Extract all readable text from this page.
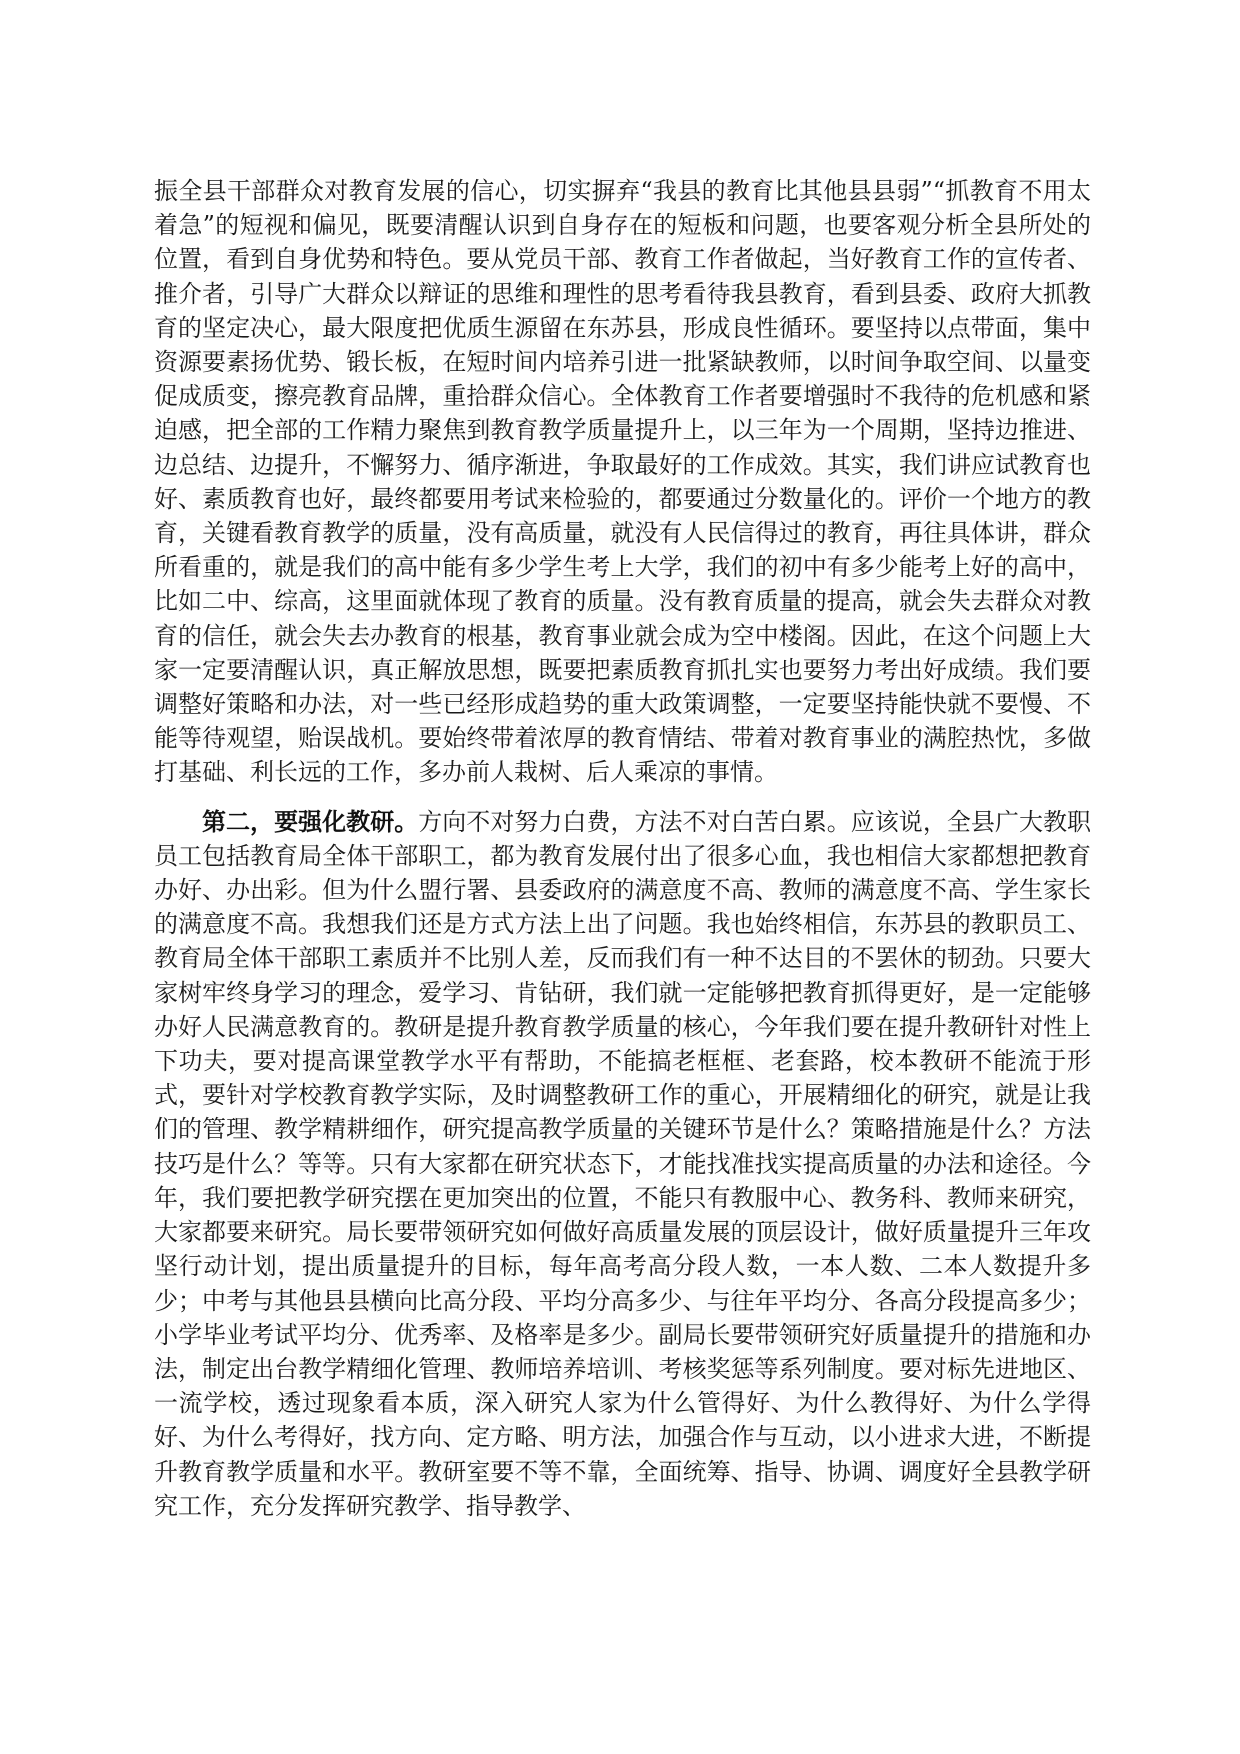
振全县干部群众对教育发展的信心，切实摒弃“我县的教育比其他县县弱”“抓教育不用太着急”的短视和偏见，既要清醒认识到自身存在的短板和问题，也要客观分析全县所处的位置，看到自身优势和特色。要从党员干部、教育工作者做起，当好教育工作的宣传者、推介者，引导广大群众以辩证的思维和理性的思考看待我县教育，看到县委、政府大抓教育的坚定决心，最大限度把优质生源留在东苏县，形成良性循环。要坚持以点带面，集中资源要素扬优势、锻长板，在短时间内培养引进一批紧缺教师，以时间争取空间、以量变促成质变，擦亮教育品牌，重拾群众信心。全体教育工作者要增强时不我待的危机感和紧迫感，把全部的工作精力聚焦到教育教学质量提升上，以三年为一个周期，坚持边推进、边总结、边提升，不懈努力、循序渐进，争取最好的工作成效。其实，我们讲应试教育也好、素质教育也好，最终都要用考试来检验的，都要通过分数量化的。评价一个地方的教育，关键看教育教学的质量，没有高质量，就没有人民信得过的教育，再往具体讲，群众所看重的，就是我们的高中能有多少学生考上大学，我们的初中有多少能考上好的高中，比如二中、综高，这里面就体现了教育的质量。没有教育质量的提高，就会失去群众对教育的信任，就会失去办教育的根基，教育事业就会成为空中楼阁。因此，在这个问题上大家一定要清醒认识，真正解放思想，既要把素质教育抓扎实也要努力考出好成绩。我们要调整好策略和办法，对一些已经形成趋势的重大政策调整，一定要坚持能快就不要慢、不能等待观望，贻误战机。要始终带着浓厚的教育情结、带着对教育事业的满腔热忱，多做打基础、利长远的工作，多办前人栽树、后人乘凉的事情。

第二，要强化教研。方向不对努力白费，方法不对白苦白累。应该说，全县广大教职员工包括教育局全体干部职工，都为教育发展付出了很多心血，我也相信大家都想把教育办好、办出彩。但为什么盟行署、县委政府的满意度不高、教师的满意度不高、学生家长的满意度不高。我想我们还是方式方法上出了问题。我也始终相信，东苏县的教职员工、教育局全体干部职工素质并不比别人差，反而我们有一种不达目的不罢休的韧劲。只要大家树牢终身学习的理念，爱学习、肯钻研，我们就一定能够把教育抓得更好，是一定能够办好人民满意教育的。教研是提升教育教学质量的核心，今年我们要在提升教研针对性上下功夫，要对提高课堂教学水平有帮助，不能搞老框框、老套路，校本教研不能流于形式，要针对学校教育教学实际，及时调整教研工作的重心，开展精细化的研究，就是让我们的管理、教学精耕细作，研究提高教学质量的关键环节是什么？策略措施是什么？方法技巧是什么？等等。只有大家都在研究状态下，才能找准找实提高质量的办法和途径。今年，我们要把教学研究摆在更加突出的位置，不能只有教服中心、教务科、教师来研究，大家都要来研究。局长要带领研究如何做好高质量发展的顶层设计，做好质量提升三年攻坚行动计划，提出质量提升的目标，每年高考高分段人数，一本人数、二本人数提升多少；中考与其他县县横向比高分段、平均分高多少、与往年平均分、各高分段提高多少；小学毕业考试平均分、优秀率、及格率是多少。副局长要带领研究好质量提升的措施和办法，制定出台教学精细化管理、教师培养培训、考核奖惩等系列制度。要对标先进地区、一流学校，透过现象看本质，深入研究人家为什么管得好、为什么教得好、为什么学得好、为什么考得好，找方向、定方略、明方法，加强合作与互动，以小进求大进，不断提升教育教学质量和水平。教研室要不等不靠，全面统筹、指导、协调、调度好全县教学研究工作，充分发挥研究教学、指导教学、
